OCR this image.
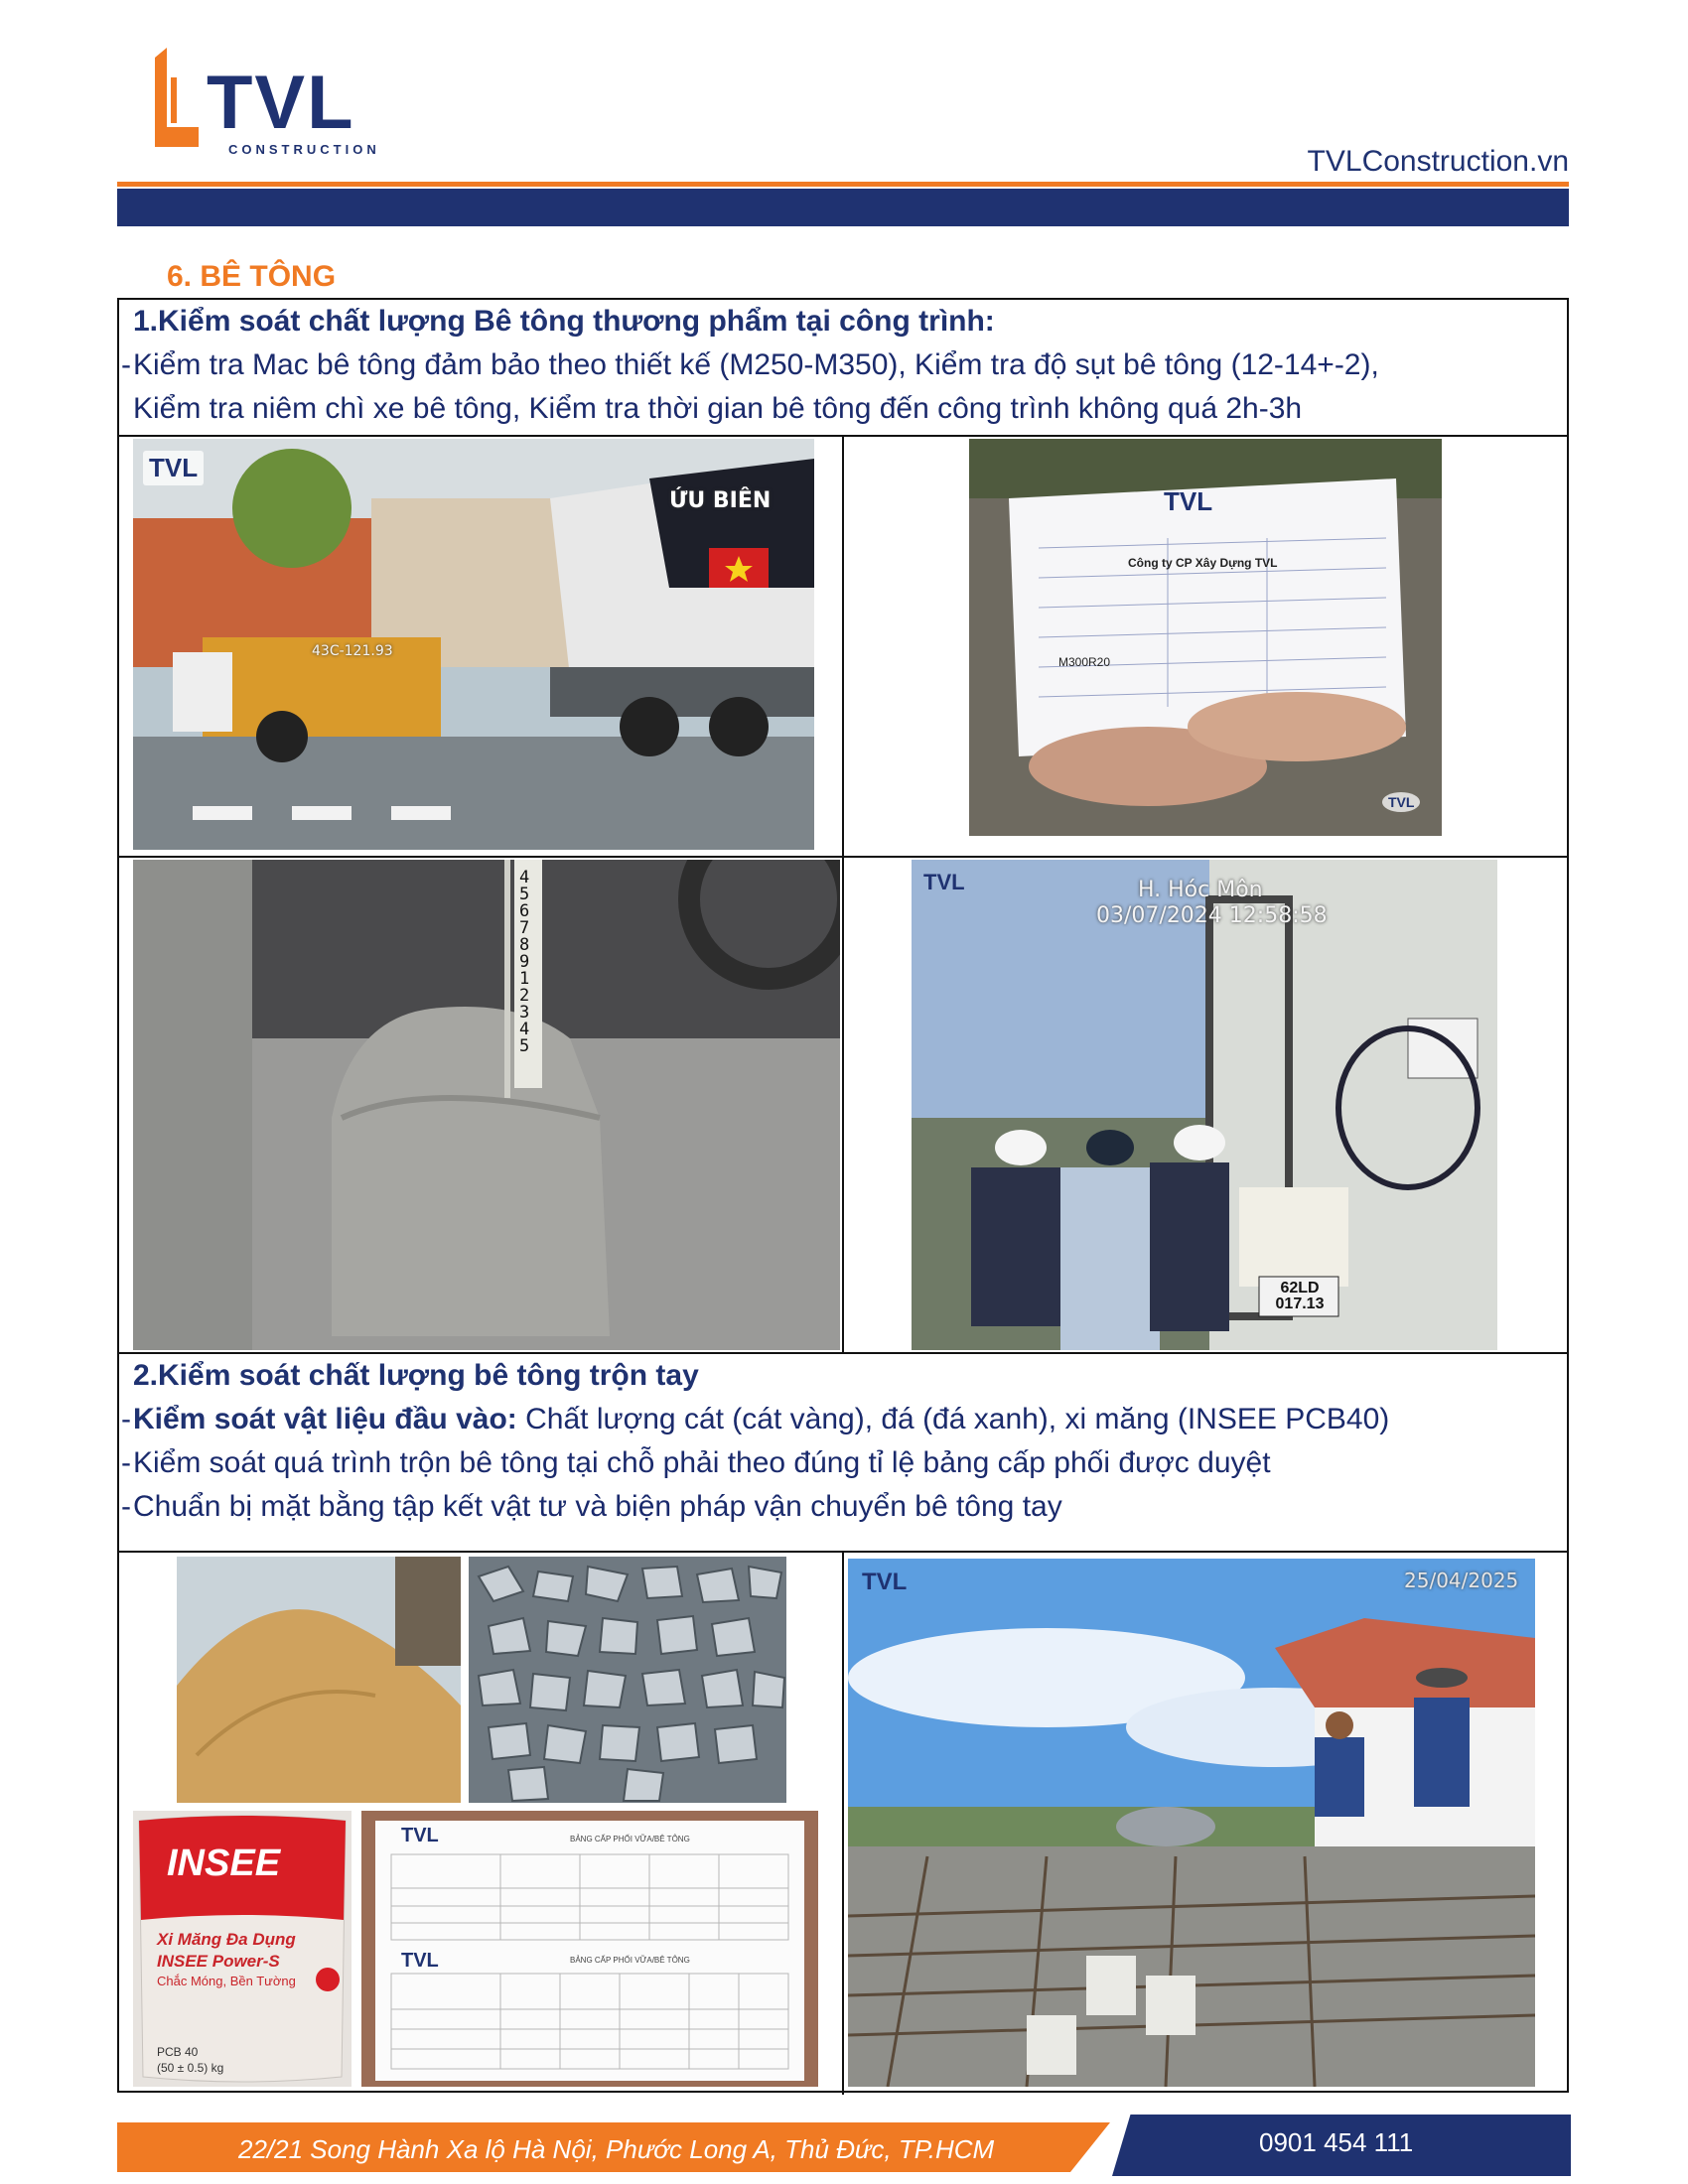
TVL
CONSTRUCTION	TVLConstruction.vn
6. BÊ TÔNG
1.Kiểm soát chất lượng Bê tông thương phẩm tại công trình:
- Kiểm tra Mac bê tông đảm bảo theo thiết kế (M250-M350), Kiểm tra độ sụt bê tông (12-14+-2),
Kiểm tra niêm chì xe bê tông, Kiểm tra thời gian bê tông đến công trình không quá 2h-3h
TVL
ỨU BIÊN
43C-121.93
TVL
Công ty CP Xây Dựng TVL
M300R20
TVL
4567891 2345
TVL	H. Hóc Môn
03/07/2024 12:58:58
62LD 017.13
2.Kiểm soát chất lượng bê tông trộn tay
- Kiểm soát vật liệu đầu vào: Chất lượng cát (cát vàng), đá (đá xanh), xi măng (INSEE PCB40)
- Kiểm soát quá trình trộn bê tông tại chỗ phải theo đúng tỉ lệ bảng cấp phối được duyệt
- Chuẩn bị mặt bằng tập kết vật tư và biện pháp vận chuyển bê tông tay
INSEE
Xi Măng Đa Dụng
INSEE Power-S
Chắc Móng, Bền Tường
PCB 40
(50 ± 0.5) kg
TVL	BẢNG CẤP PHỐI VỮA/BÊ TÔNG
TVL	BẢNG CẤP PHỐI VỮA/BÊ TÔNG
TVL	25/04/2025
22/21 Song Hành Xa lộ Hà Nội, Phước Long A, Thủ Đức, TP.HCM	0901 454 111
